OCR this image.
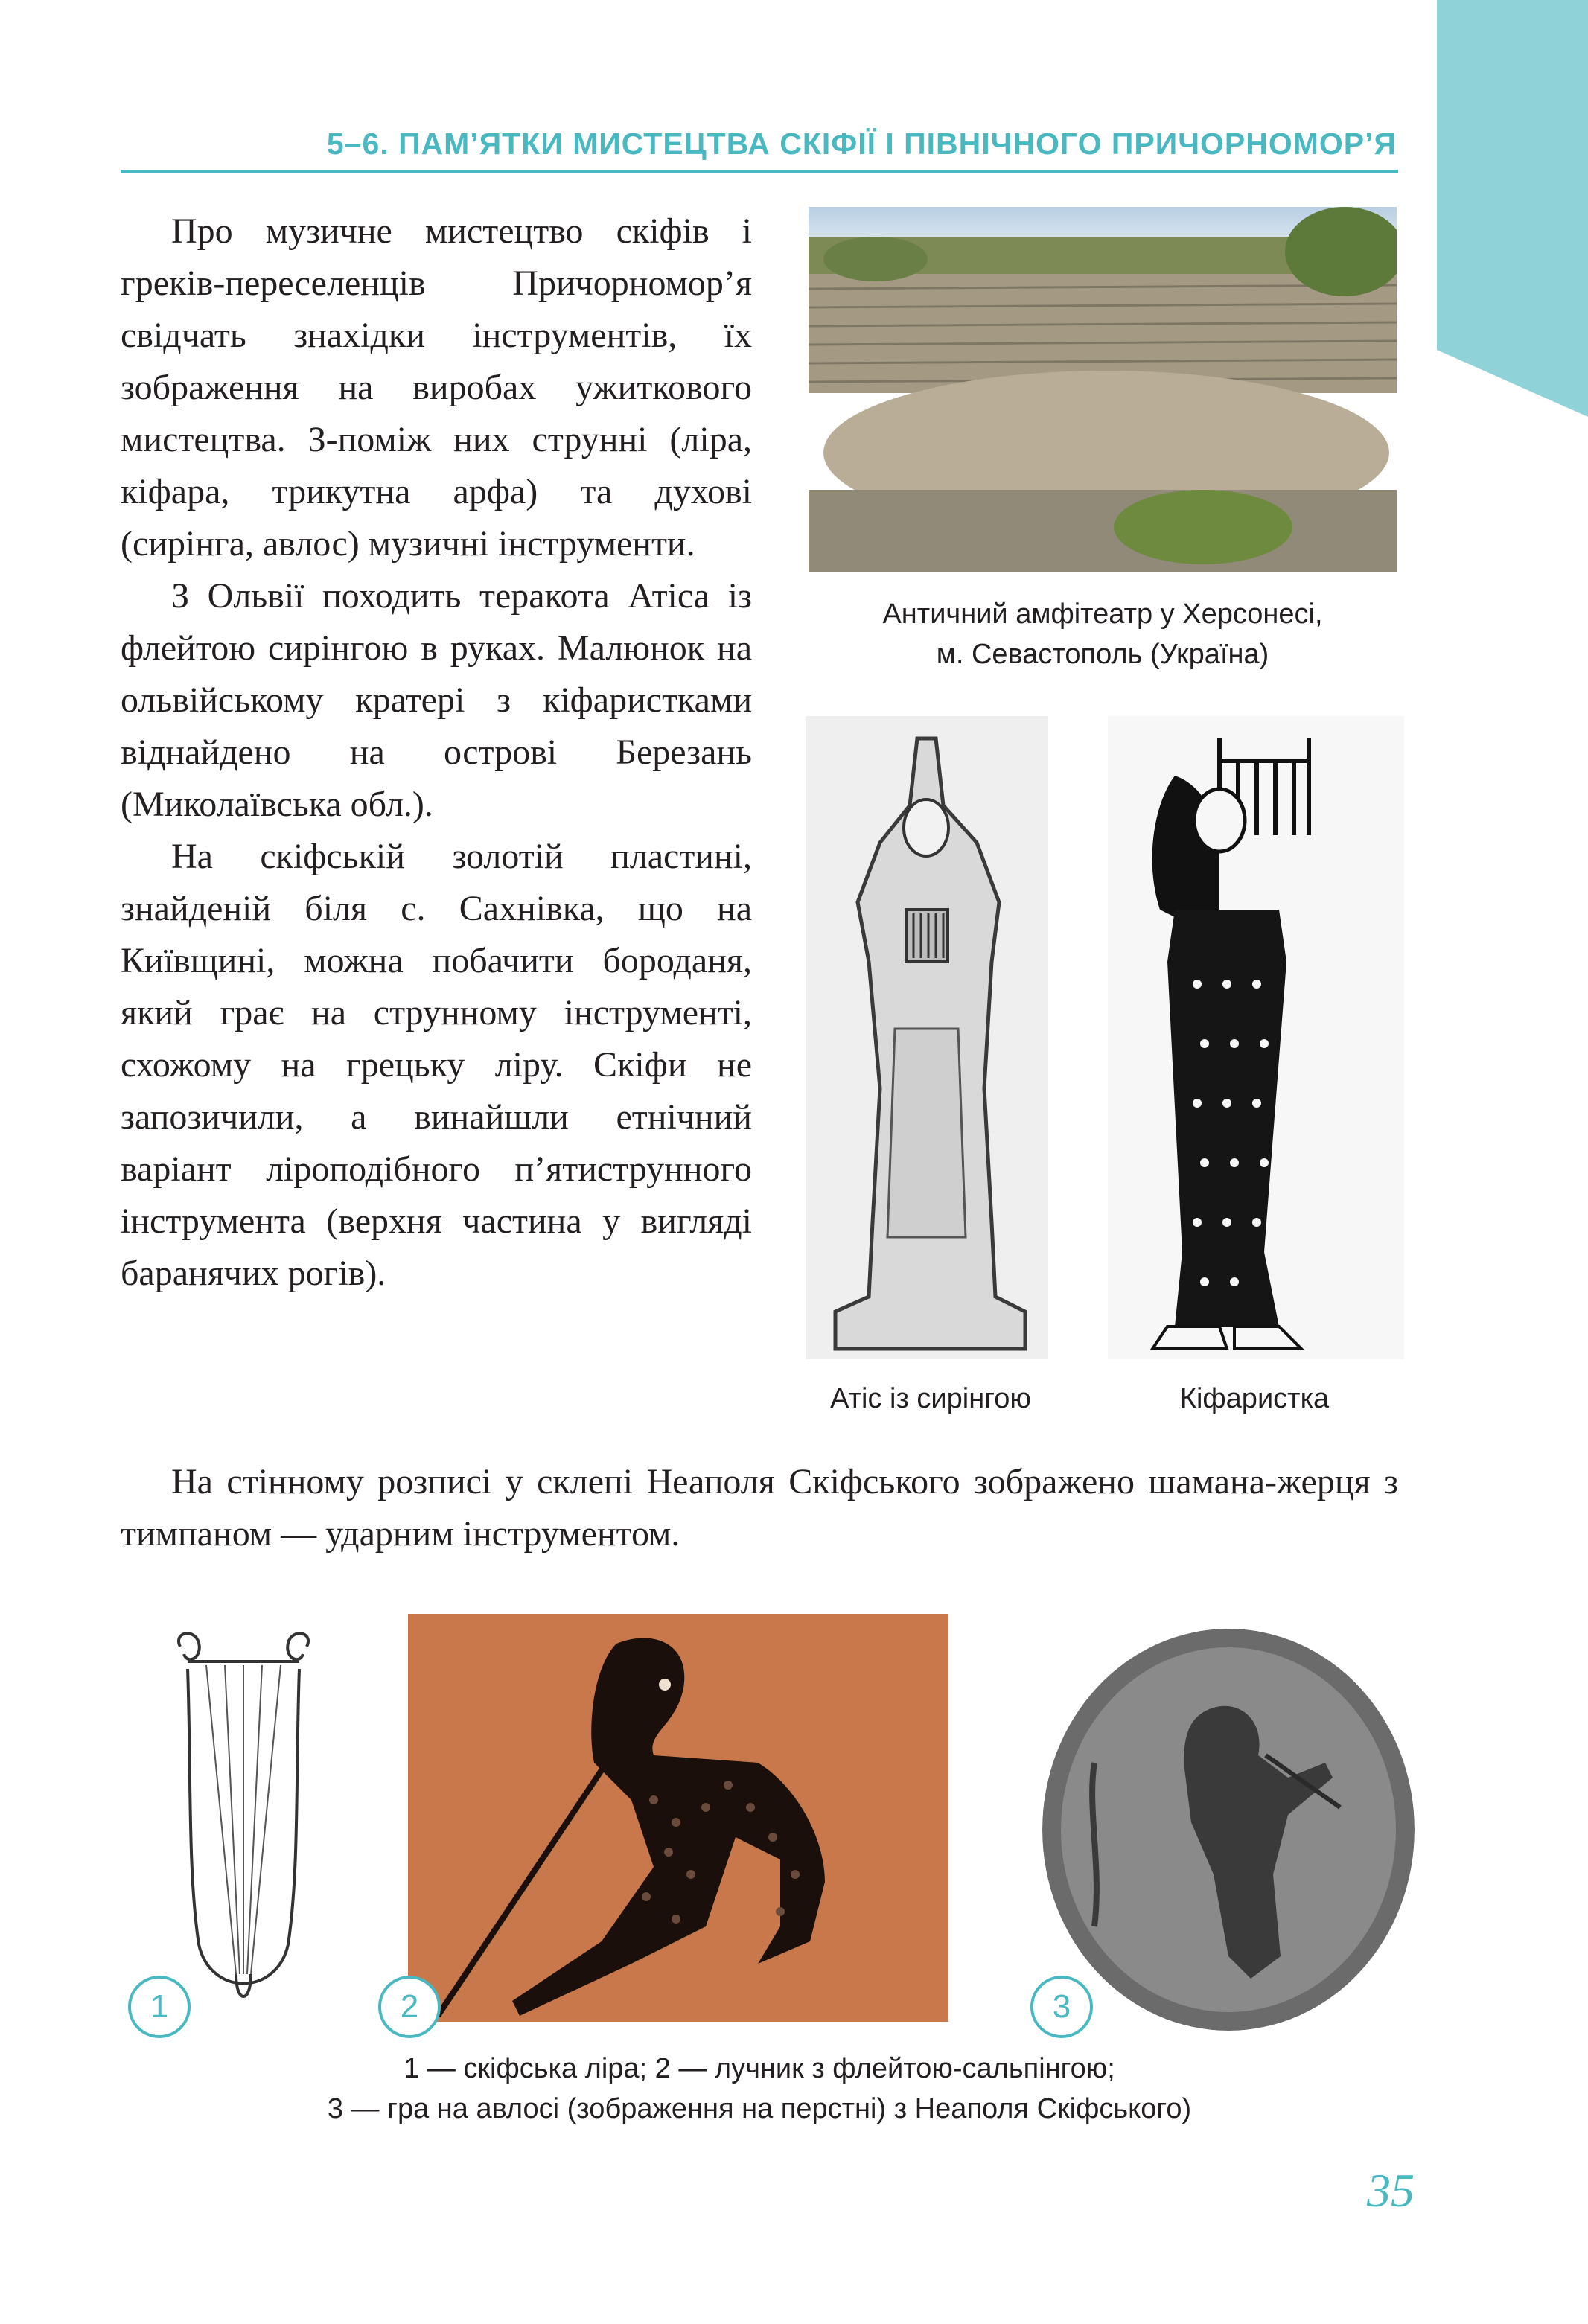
5–6. ПАМ’ЯТКИ МИСТЕЦТВА СКІФІЇ І ПІВНІЧНОГО ПРИЧОРНОМОР’Я

Про музичне мистецтво скіфів і греків-переселенців Причорномор’я свідчать знахідки інструментів, їх зображення на виробах ужиткового мистецтва. З-поміж них струнні (ліра, кіфара, трикутна арфа) та духові (сирінга, авлос) музичні інструменти.

З Ольвії походить теракота Атіса із флейтою сирінгою в руках. Малюнок на ольвійському кратері з кіфаристками віднайдено на острові Березань (Миколаївська обл.).

На скіфській золотій пластині, знайденій біля с. Сахнівка, що на Київщині, можна побачити бороданя, який грає на струнному інструменті, схожому на грецьку ліру. Скіфи не запозичили, а винайшли етнічний варіант ліроподібного п’ятиструнного інструмента (верхня частина у вигляді баранячих рогів).

Античний амфітеатр у Херсонесі,
м. Севастополь (Україна)
Атіс із сирінгою	Кіфаристка

На стінному розписі у склепі Неаполя Скіфського зображено шамана-жерця з тимпаном — ударним інструментом.

1	2	3
1 — скіфська ліра; 2 — лучник з флейтою-сальпінгою;
3 — гра на авлосі (зображення на перстні) з Неаполя Скіфського)
35
